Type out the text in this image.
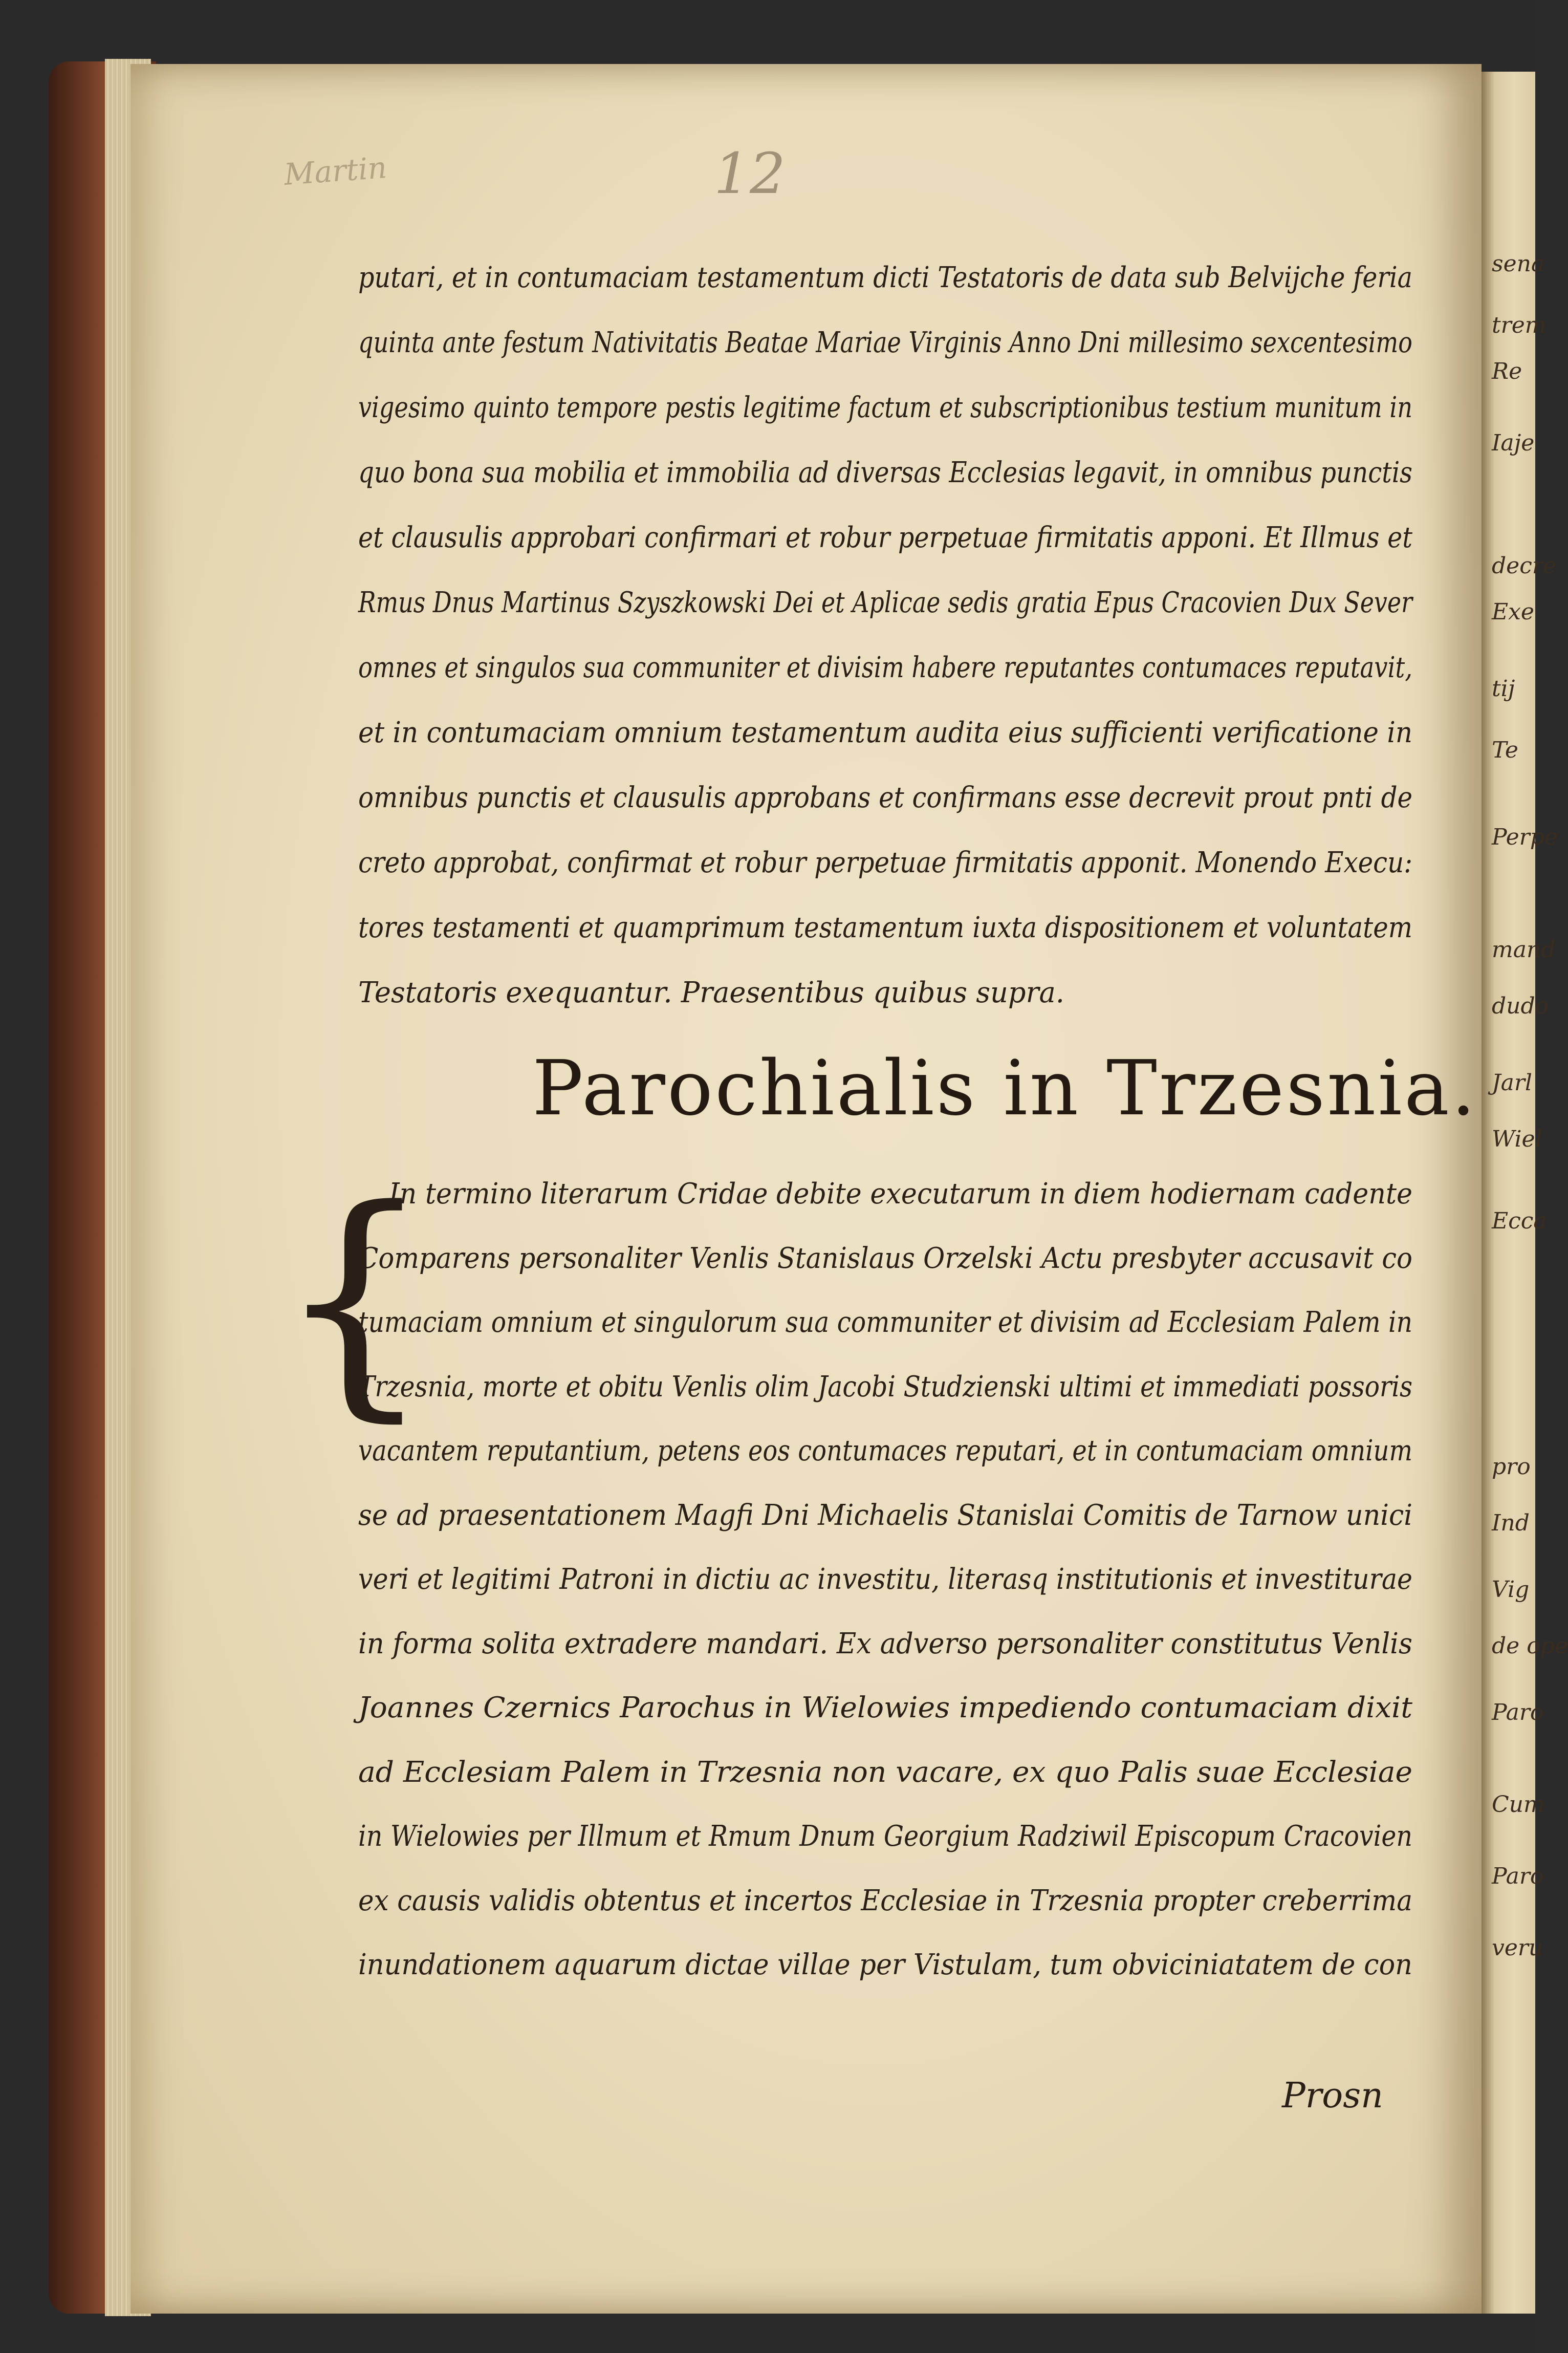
12
Martin
putari, et in contumaciam testamentum dicti Testatoris de data sub Belvijche feria
quinta ante festum Nativitatis Beatae Mariae Virginis Anno Dni millesimo sexcentesimo
vigesimo quinto tempore pestis legitime factum et subscriptionibus testium munitum in
quo bona sua mobilia et immobilia ad diversas Ecclesias legavit, in omnibus punctis
et clausulis approbari confirmari et robur perpetuae firmitatis apponi. Et Illmus et
Rmus Dnus Martinus Szyszkowski Dei et Aplicae sedis gratia Epus Cracovien Dux Sever
omnes et singulos sua communiter et divisim habere reputantes contumaces reputavit,
et in contumaciam omnium testamentum audita eius sufficienti verificatione in
omnibus punctis et clausulis approbans et confirmans esse decrevit prout pnti de
creto approbat, confirmat et robur perpetuae firmitatis apponit. Monendo Execu:
tores testamenti et quamprimum testamentum iuxta dispositionem et voluntatem
Testatoris exequantur. Praesentibus quibus supra.
Parochialis in Trzesnia.
{
In termino literarum Cridae debite executarum in diem hodiernam cadente
Comparens personaliter Venlis Stanislaus Orzelski Actu presbyter accusavit co
tumaciam omnium et singulorum sua communiter et divisim ad Ecclesiam Palem in
Trzesnia, morte et obitu Venlis olim Jacobi Studzienski ultimi et immediati possoris
vacantem reputantium, petens eos contumaces reputari, et in contumaciam omnium
se ad praesentationem Magfi Dni Michaelis Stanislai Comitis de Tarnow unici
veri et legitimi Patroni in dictiu ac investitu, literasq institutionis et investiturae
in forma solita extradere mandari. Ex adverso personaliter constitutus Venlis
Joannes Czernics Parochus in Wielowies impediendo contumaciam dixit
ad Ecclesiam Palem in Trzesnia non vacare, ex quo Palis suae Ecclesiae
in Wielowies per Illmum et Rmum Dnum Georgium Radziwil Episcopum Cracovien
ex causis validis obtentus et incertos Ecclesiae in Trzesnia propter creberrima
inundationem aquarum dictae villae per Vistulam, tum obviciniatatem de con
Prosn
sena
trem
Re
Iaje
decre
Exe
tij
Te
Perpe
mand
dudo
Jarl
Wiel
Ecca
pro
Ind
Vig
de ope
Paro
Cum
Paro
veru
